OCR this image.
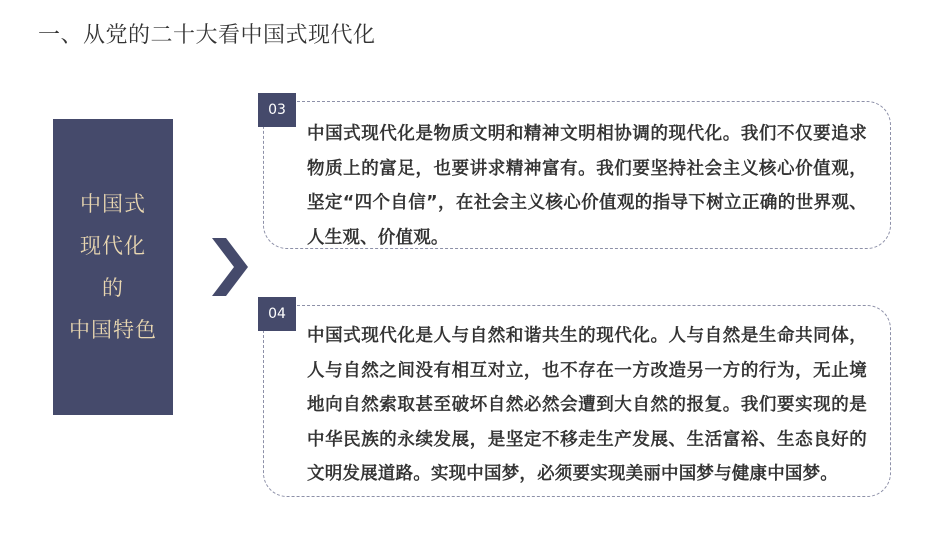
一、从党的二十大看中国式现代化
中国式
现代化
的
中国特色
03
中国式现代化是物质文明和精神文明相协调的现代化。我们不仅要追求物质上的富足，也要讲求精神富有。我们要坚持社会主义核心价值观，坚定“四个自信”，在社会主义核心价值观的指导下树立正确的世界观、人生观、价值观。
04
中国式现代化是人与自然和谐共生的现代化。人与自然是生命共同体，人与自然之间没有相互对立，也不存在一方改造另一方的行为，无止境地向自然索取甚至破坏自然必然会遭到大自然的报复。我们要实现的是中华民族的永续发展，是坚定不移走生产发展、生活富裕、生态良好的文明发展道路。实现中国梦，必须要实现美丽中国梦与健康中国梦。
